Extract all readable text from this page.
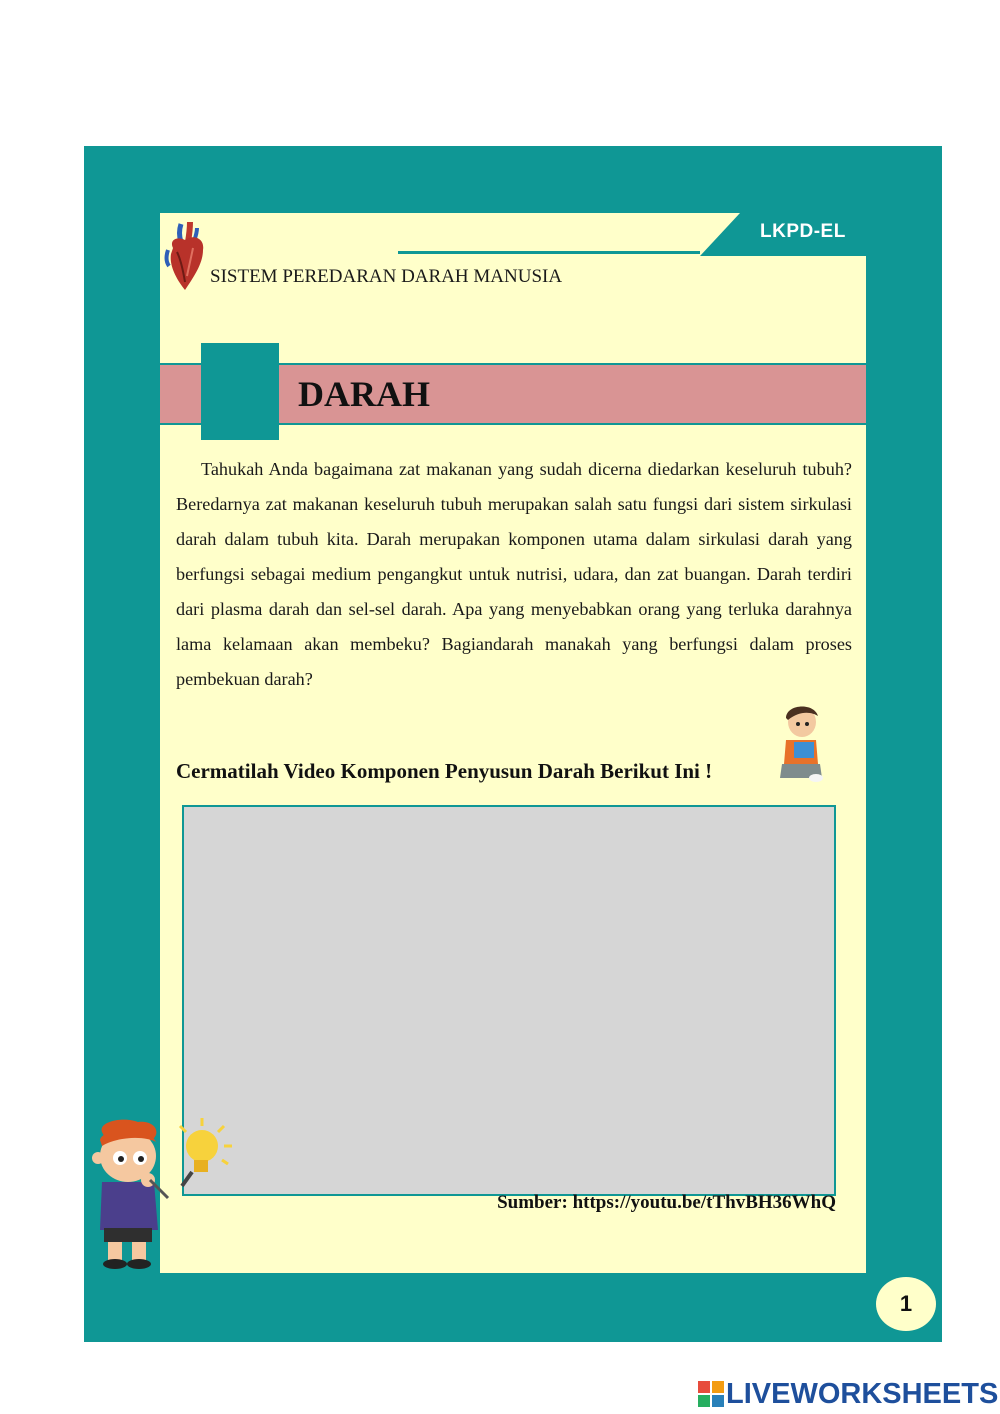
LKPD-EL
SISTEM PEREDARAN DARAH MANUSIA
DARAH

Tahukah Anda bagaimana zat makanan yang sudah dicerna diedarkan keseluruh tubuh? Beredarnya zat makanan keseluruh tubuh merupakan salah satu fungsi dari sistem sirkulasi darah dalam tubuh kita. Darah merupakan komponen utama dalam sirkulasi darah yang berfungsi sebagai medium pengangkut untuk nutrisi, udara, dan zat buangan. Darah terdiri dari plasma darah dan sel-sel darah. Apa yang menyebabkan orang yang terluka darahnya lama kelamaan akan membeku? Bagiandarah manakah yang berfungsi dalam proses pembekuan darah?

Cermatilah Video Komponen Penyusun Darah Berikut Ini !
Sumber: https://youtu.be/tThvBH36WhQ
1
LIVEWORKSHEETS
